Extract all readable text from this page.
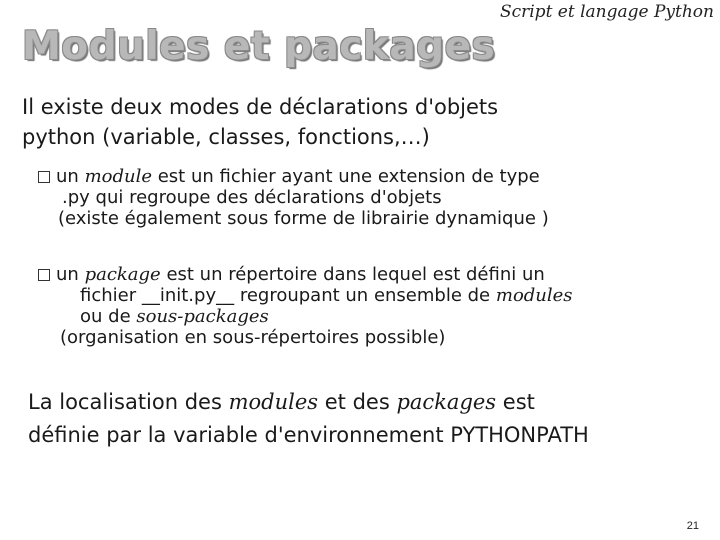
Script et langage Python
Modules et packages

Il existe deux modes de déclarations d'objets
python (variable, classes, fonctions,…)

un module est un fichier ayant une extension de type
.py qui regroupe des déclarations d'objets
(existe également sous forme de librairie dynamique )
un package est un répertoire dans lequel est défini un
fichier __init.py__ regroupant un ensemble de modules
ou de sous-packages
(organisation en sous-répertoires possible)

La localisation des modules et des packages est
définie par la variable d'environnement PYTHONPATH

21
